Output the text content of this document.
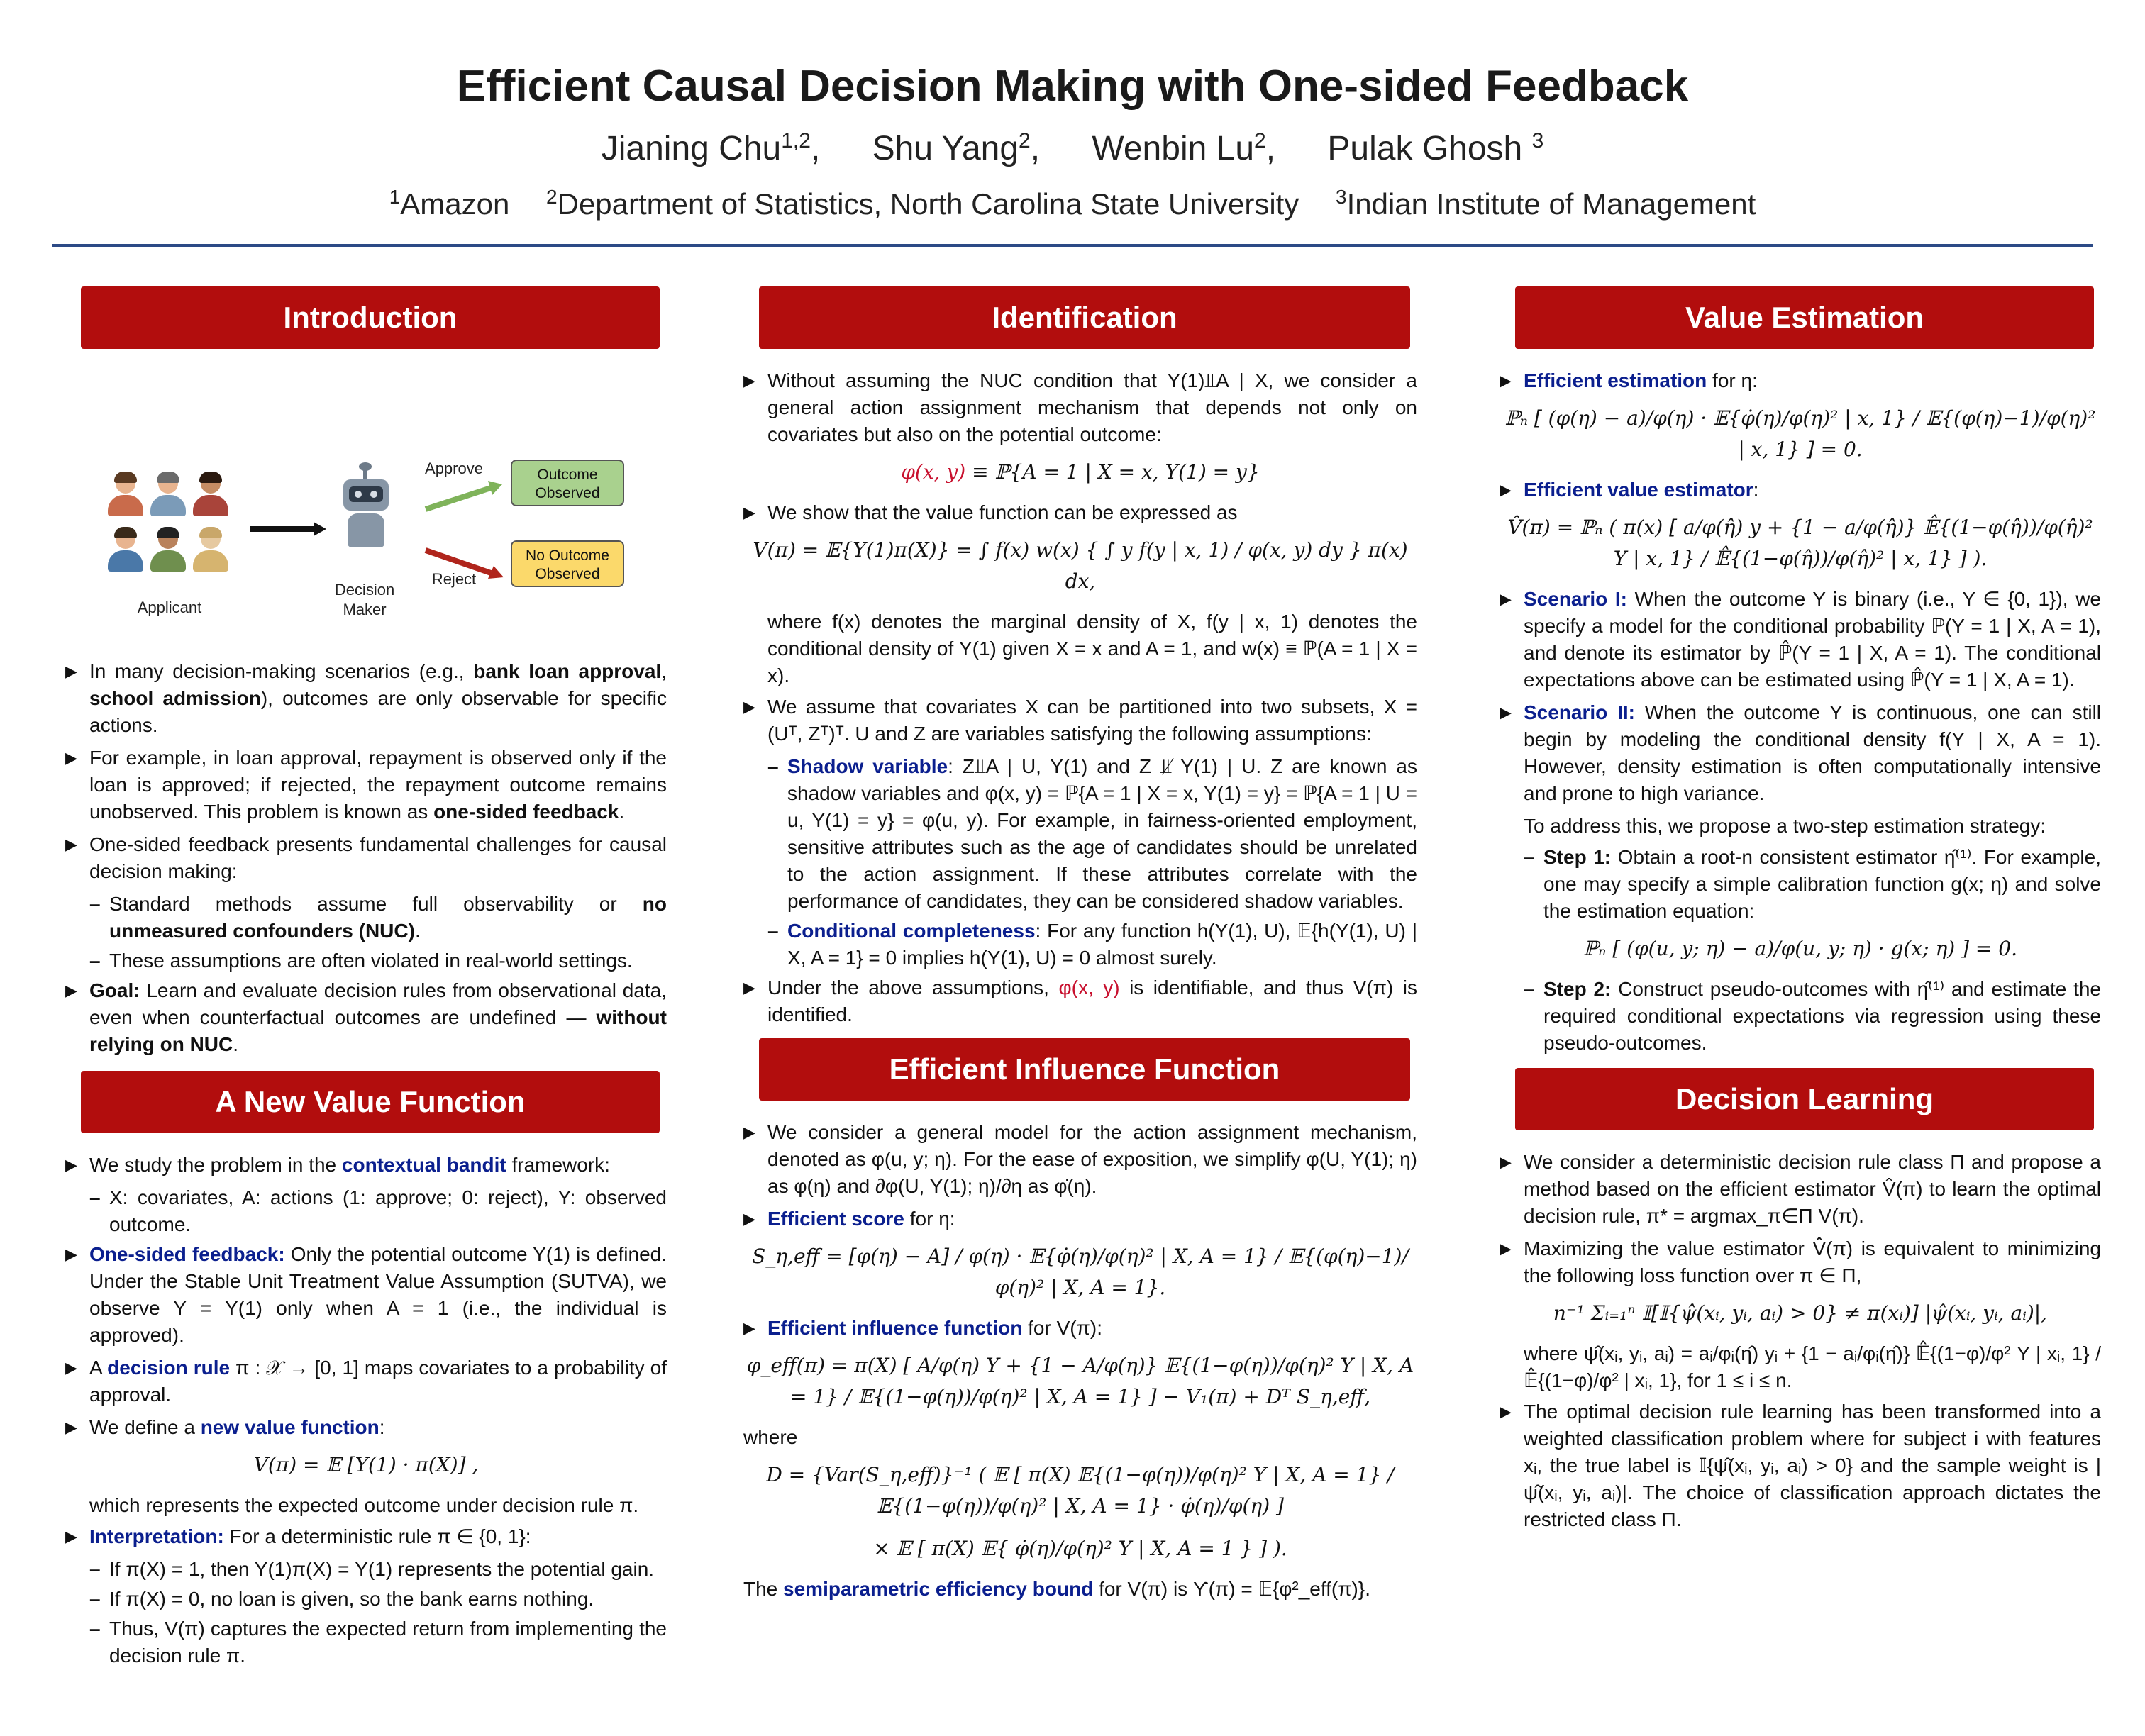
Efficient Causal Decision Making with One-sided Feedback
Jianing Chu$^{1,2}$, Shu Yang$^2$, Wenbin Lu$^2$, Pulak Ghosh $^3$
$^1$Amazon $^2$Department of Statistics, North Carolina State University $^3$Indian Institute of Management
Introduction
Applicant
Decision Maker
Approve
Reject
Outcome Observed
No Outcome Observed
▶ In many decision-making scenarios (e.g., bank loan approval, school admission), outcomes are only observable for specific actions.
▶ For example, in loan approval, repayment is observed only if the loan is approved; if rejected, the repayment outcome remains unobserved. This problem is known as one-sided feedback.
▶ One-sided feedback presents fundamental challenges for causal decision making:
– Standard methods assume full observability or no unmeasured confounders (NUC).
– These assumptions are often violated in real-world settings.
▶ Goal: Learn and evaluate decision rules from observational data, even when counterfactual outcomes are undefined — without relying on NUC.
A New Value Function
▶ We study the problem in the contextual bandit framework:
– X: covariates, A: actions (1: approve; 0: reject), Y: observed outcome.
▶ One-sided feedback: Only the potential outcome Y(1) is defined. Under the Stable Unit Treatment Value Assumption (SUTVA), we observe Y = Y(1) only when A = 1 (i.e., the individual is approved).
▶ A decision rule π : 𝒳 → [0, 1] maps covariates to a probability of approval.
▶ We define a new value function:
V(π) = 𝔼 [Y(1) · π(X)] ,
which represents the expected outcome under decision rule π.
▶ Interpretation: For a deterministic rule π ∈ {0, 1}:
– If π(X) = 1, then Y(1)π(X) = Y(1) represents the potential gain.
– If π(X) = 0, no loan is given, so the bank earns nothing.
– Thus, V(π) captures the expected return from implementing the decision rule π.
Identification
▶ Without assuming the NUC condition that Y(1)⫫A | X, we consider a general action assignment mechanism that depends not only on covariates but also on the potential outcome:
φ(x, y) ≡ ℙ{A = 1 | X = x, Y(1) = y}
▶ We show that the value function can be expressed as
V(π) = 𝔼{Y(1)π(X)} = ∫ f(x) w(x) { ∫ y f(y | x, 1) / φ(x, y) dy } π(x) dx,
where f(x) denotes the marginal density of X, f(y | x, 1) denotes the conditional density of Y(1) given X = x and A = 1, and w(x) ≡ ℙ(A = 1 | X = x).
▶ We assume that covariates X can be partitioned into two subsets, X = (Uᵀ, Zᵀ)ᵀ. U and Z are variables satisfying the following assumptions:
– Shadow variable: Z⫫A | U, Y(1) and Z ⫫̸ Y(1) | U. Z are known as shadow variables and φ(x, y) = ℙ{A = 1 | X = x, Y(1) = y} = ℙ{A = 1 | U = u, Y(1) = y} = φ(u, y). For example, in fairness-oriented employment, sensitive attributes such as the age of candidates should be unrelated to the action assignment. If these attributes correlate with the performance of candidates, they can be considered shadow variables.
– Conditional completeness: For any function h(Y(1), U), 𝔼{h(Y(1), U) | X, A = 1} = 0 implies h(Y(1), U) = 0 almost surely.
▶ Under the above assumptions, φ(x, y) is identifiable, and thus V(π) is identified.
Efficient Influence Function
▶ We consider a general model for the action assignment mechanism, denoted as φ(u, y; η). For the ease of exposition, we simplify φ(U, Y(1); η) as φ(η) and ∂φ(U, Y(1); η)/∂η as φ̇(η).
▶ Efficient score for η:
S_η,eff = [φ(η) − A] / φ(η) · 𝔼{φ̇(η)/φ(η)² | X, A = 1} / 𝔼{(φ(η)−1)/φ(η)² | X, A = 1}.
▶ Efficient influence function for V(π):
φ_eff(π) = π(X) [ A/φ(η) Y + {1 − A/φ(η)} 𝔼{(1−φ(η))/φ(η)² Y | X, A = 1} / 𝔼{(1−φ(η))/φ(η)² | X, A = 1} ] − V₁(π) + Dᵀ S_η,eff,
where
D = {Var(S_η,eff)}⁻¹ ( 𝔼 [ π(X) 𝔼{(1−φ(η))/φ(η)² Y | X, A = 1} / 𝔼{(1−φ(η))/φ(η)² | X, A = 1} · φ̇(η)/φ(η) ]
× 𝔼 [ π(X) 𝔼{ φ̇(η)/φ(η)² Y | X, A = 1 } ] ).
The semiparametric efficiency bound for V(π) is ϒ(π) = 𝔼{φ²_eff(π)}.
Value Estimation
▶ Efficient estimation for η:
ℙₙ [ (φ(η) − a)/φ(η) · 𝔼{φ̇(η)/φ(η)² | x, 1} / 𝔼{(φ(η)−1)/φ(η)² | x, 1} ] = 0.
▶ Efficient value estimator:
V̂(π) = ℙₙ ( π(x) [ a/φ(η̂) y + {1 − a/φ(η̂)} 𝔼̂{(1−φ(η̂))/φ(η̂)² Y | x, 1} / 𝔼̂{(1−φ(η̂))/φ(η̂)² | x, 1} ] ).
▶ Scenario I: When the outcome Y is binary (i.e., Y ∈ {0, 1}), we specify a model for the conditional probability ℙ(Y = 1 | X, A = 1), and denote its estimator by ℙ̂(Y = 1 | X, A = 1). The conditional expectations above can be estimated using ℙ̂(Y = 1 | X, A = 1).
▶ Scenario II: When the outcome Y is continuous, one can still begin by modeling the conditional density f(Y | X, A = 1). However, density estimation is often computationally intensive and prone to high variance.
To address this, we propose a two-step estimation strategy:
– Step 1: Obtain a root-n consistent estimator η̂⁽¹⁾. For example, one may specify a simple calibration function g(x; η) and solve the estimation equation:
ℙₙ [ (φ(u, y; η) − a)/φ(u, y; η) · g(x; η) ] = 0.
– Step 2: Construct pseudo-outcomes with η̂⁽¹⁾ and estimate the required conditional expectations via regression using these pseudo-outcomes.
Decision Learning
▶ We consider a deterministic decision rule class Π and propose a method based on the efficient estimator V̂(π) to learn the optimal decision rule, π* = argmax_π∈Π V(π).
▶ Maximizing the value estimator V̂(π) is equivalent to minimizing the following loss function over π ∈ Π,
n⁻¹ Σᵢ₌₁ⁿ 𝕀[𝕀{ψ̂(xᵢ, yᵢ, aᵢ) > 0} ≠ π(xᵢ)] |ψ̂(xᵢ, yᵢ, aᵢ)|,
where ψ̂(xᵢ, yᵢ, aᵢ) = aᵢ/φᵢ(η̂) yᵢ + {1 − aᵢ/φᵢ(η̂)} 𝔼̂{(1−φ)/φ² Y | xᵢ, 1} / 𝔼̂{(1−φ)/φ² | xᵢ, 1}, for 1 ≤ i ≤ n.
▶ The optimal decision rule learning has been transformed into a weighted classification problem where for subject i with features xᵢ, the true label is 𝕀{ψ̂(xᵢ, yᵢ, aᵢ) > 0} and the sample weight is |ψ̂(xᵢ, yᵢ, aᵢ)|. The choice of classification approach dictates the restricted class Π.
